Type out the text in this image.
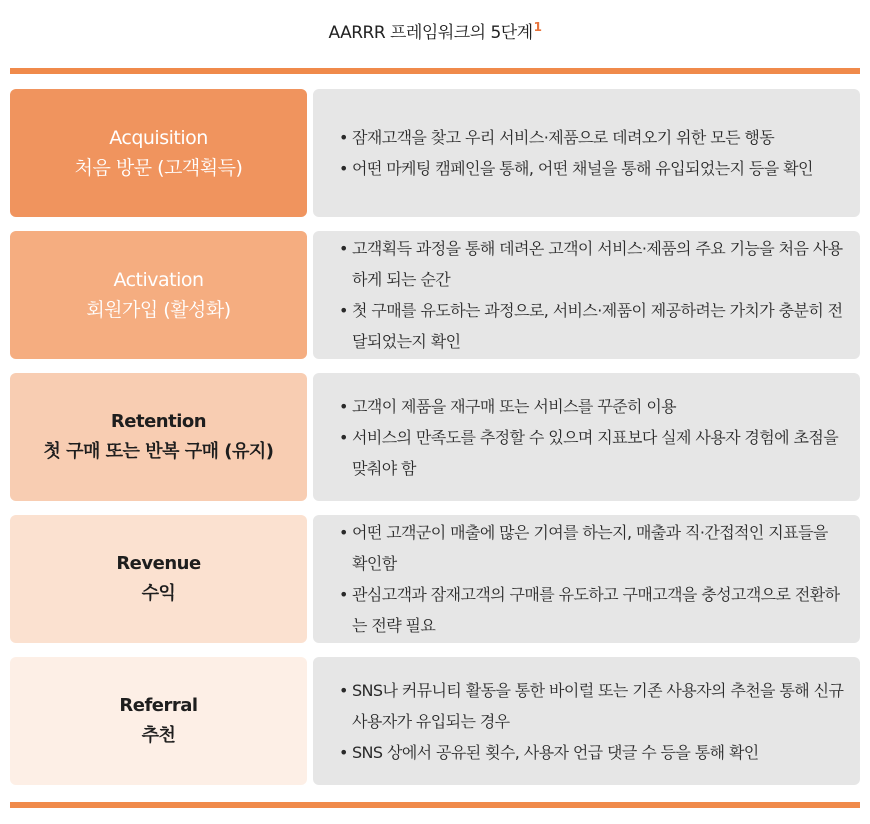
AARRR 프레임워크의 5단계$^1$
Acquisition
처음 방문 (고객획득)
• 잠재고객을 찾고 우리 서비스·제품으로 데려오기 위한 모든 행동
• 어떤 마케팅 캠페인을 통해, 어떤 채널을 통해 유입되었는지 등을 확인
Activation
회원가입 (활성화)
• 고객획득 과정을 통해 데려온 고객이 서비스·제품의 주요 기능을 처음 사용하게 되는 순간
• 첫 구매를 유도하는 과정으로, 서비스·제품이 제공하려는 가치가 충분히 전달되었는지 확인
Retention
첫 구매 또는 반복 구매 (유지)
• 고객이 제품을 재구매 또는 서비스를 꾸준히 이용
• 서비스의 만족도를 추정할 수 있으며 지표보다 실제 사용자 경험에 초점을 맞춰야 함
Revenue
수익
• 어떤 고객군이 매출에 많은 기여를 하는지, 매출과 직·간접적인 지표들을 확인함
• 관심고객과 잠재고객의 구매를 유도하고 구매고객을 충성고객으로 전환하는 전략 필요
Referral
추천
• SNS나 커뮤니티 활동을 통한 바이럴 또는 기존 사용자의 추천을 통해 신규 사용자가 유입되는 경우
• SNS 상에서 공유된 횟수, 사용자 언급 댓글 수 등을 통해 확인
